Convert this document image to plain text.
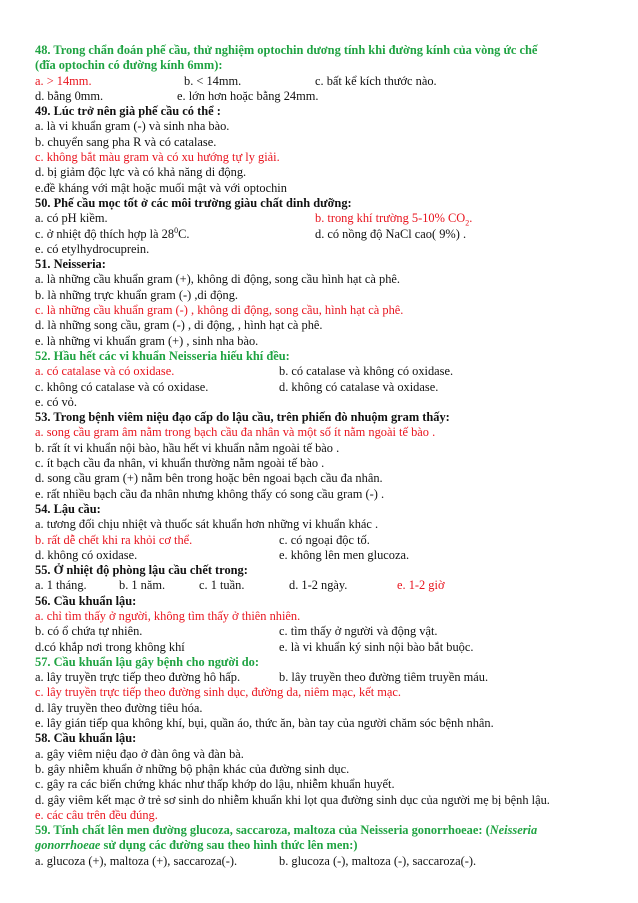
48. Trong chẩn đoán phế cầu, thử nghiệm optochin dương tính khi đường kính của vòng ức chế
(đĩa optochin có đường kính 6mm):
a. > 14mm.	b. < 14mm.	c. bất kể kích thước nào.
d. bằng 0mm.	e. lớn hơn hoặc bằng 24mm.
49. Lúc trở nên già phế cầu có thể :
a. là vi khuẩn gram (-) và sinh nha bào.
b. chuyển sang pha R và có catalase.
c. không bắt màu gram và có xu hướng tự ly giải.
d. bị giảm độc lực và có khả năng di động.
e.đề kháng với mật hoặc muối mật và với optochin
50. Phế cầu mọc tốt ở các môi trường giàu chất dinh dưỡng:
a. có pH kiềm.	b. trong khí trường 5-10% $CO_2$.
c. ở nhiệt độ thích hợp là $28^0C$.	d. có nồng độ NaCl cao( 9%) .
e. có etylhydrocuprein.
51. Neisseria:
a. là những cầu khuẩn gram (+), không di động, song cầu hình hạt cà phê.
b. là những trực khuẩn gram (-) ,di động.
c. là những cầu khuẩn gram (-) , không di động, song cầu, hình hạt cà phê.
d. là những song cầu, gram (-) , di động, , hình hạt cà phê.
e. là những vi khuẩn gram (+) , sinh nha bào.
52. Hầu hết các vi khuẩn Neisseria hiếu khí đều:
a. có catalase và có oxidase.	b. có catalase và không có oxidase.
c. không có catalase và có oxidase.	d. không có catalase và oxidase.
e. có vỏ.
53. Trong bệnh viêm niệu đạo cấp do lậu cầu, trên phiến đò nhuộm gram thấy:
a. song cầu gram âm nằm trong bạch cầu đa nhân và một số ít nằm ngoài tế bào .
b. rất ít vi khuẩn nội bào, hầu hết vi khuẩn nằm ngoài tế bào .
c. ít bạch cầu đa nhân, vi khuẩn thường nằm ngoài tế bào .
d. song cầu gram (+) nằm bên trong hoặc bên ngoai bạch cầu đa nhân.
e. rất nhiều bạch cầu đa nhân nhưng không thấy có song cầu gram (-) .
54. Lậu cầu:
a. tương đối chịu nhiệt và thuốc sát khuẩn hơn những vi khuẩn khác .
b. rất dễ chết khi ra khỏi cơ thể.	c. có ngoại độc tố.
d. không có oxidase.	e. không lên men glucoza.
55. Ở nhiệt độ phòng lậu cầu chết trong:
a. 1 tháng.	b. 1 năm.	c. 1 tuần.	d. 1-2 ngày.	e. 1-2 giờ
56. Cầu khuẩn lậu:
a. chỉ tìm thấy ở người, không tìm thấy ở thiên nhiên.
b. có ổ chứa tự nhiên.	c. tìm thấy ở người và động vật.
d.có khắp nơi trong không khí	e. là vi khuẩn ký sinh nội bào bắt buộc.
57. Cầu khuẩn lậu gây bệnh cho người do:
a. lây truyền trực tiếp theo đường hô hấp.	b. lây truyền theo đường tiêm truyền máu.
c. lây truyền trực tiếp theo đường sinh dục, đường da, niêm mạc, kết mạc.
d. lây truyền theo đường tiêu hóa.
e. lây gián tiếp qua không khí, bụi, quần áo, thức ăn, bàn tay của người chăm sóc bệnh nhân.
58. Cầu khuẩn lậu:
a. gây viêm niệu đạo ở đàn ông và đàn bà.
b. gây nhiễm khuẩn ở những bộ phận khác của đường sinh dục.
c. gây ra các biến chứng khác như thấp khớp do lậu, nhiễm khuẩn huyết.
d. gây viêm kết mạc ở trẻ sơ sinh do nhiễm khuẩn khi lọt qua đường sinh dục của người mẹ bị bệnh lậu.
e. các câu trên đều đúng.
59. Tính chất lên men đường glucoza, saccaroza, maltoza của Neisseria gonorrhoeae: (Neisseria
gonorrhoeae sử dụng các đường sau theo hình thức lên men:)
a. glucoza (+), maltoza (+), saccaroza(-).	b. glucoza (-), maltoza (-), saccaroza(-).
